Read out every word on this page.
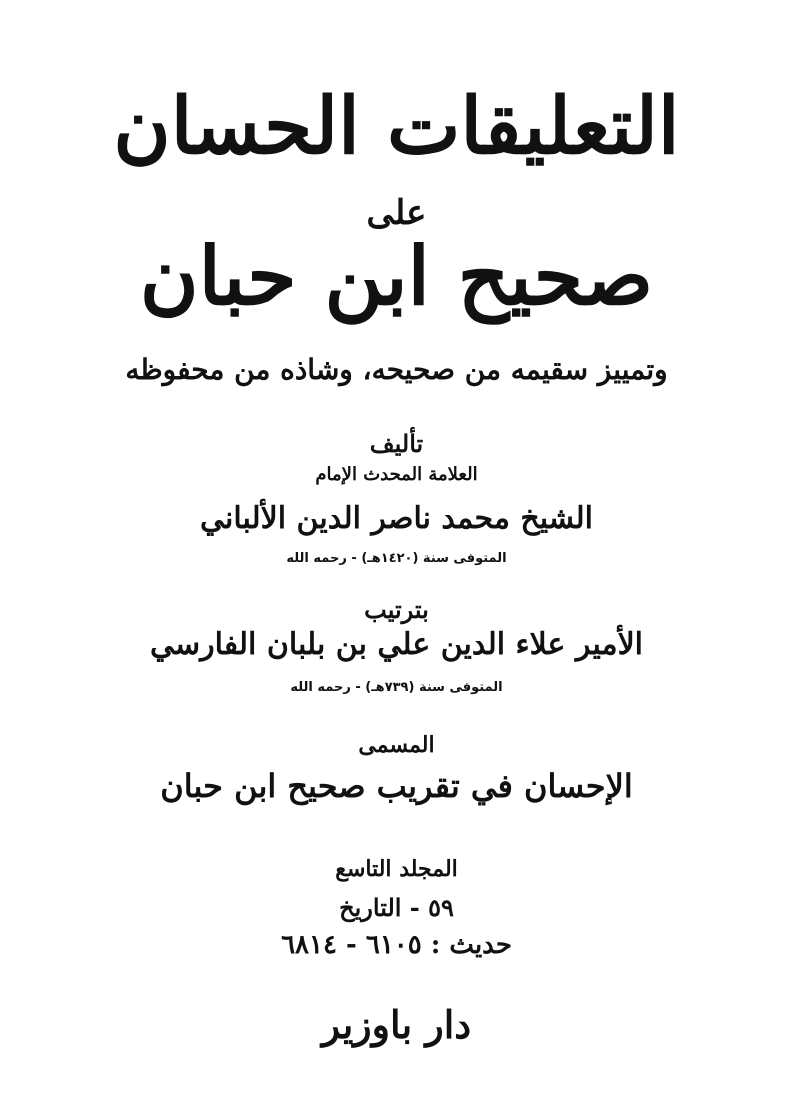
التعليقات الحسان
على
صحيح ابن حبان
وتمييز سقيمه من صحيحه، وشاذه من محفوظه
تأليف
العلامة المحدث الإمام
الشيخ محمد ناصر الدين الألباني
المتوفى سنة (١٤٢٠هـ) - رحمه الله
بترتيب
الأمير علاء الدين علي بن بلبان الفارسي
المتوفى سنة (٧٣٩هـ) - رحمه الله
المسمى
الإحسان في تقريب صحيح ابن حبان
المجلد التاسع
٥٩ - التاريخ
حديث : ٦١٠٥ - ٦٨١٤
دار باوزير
